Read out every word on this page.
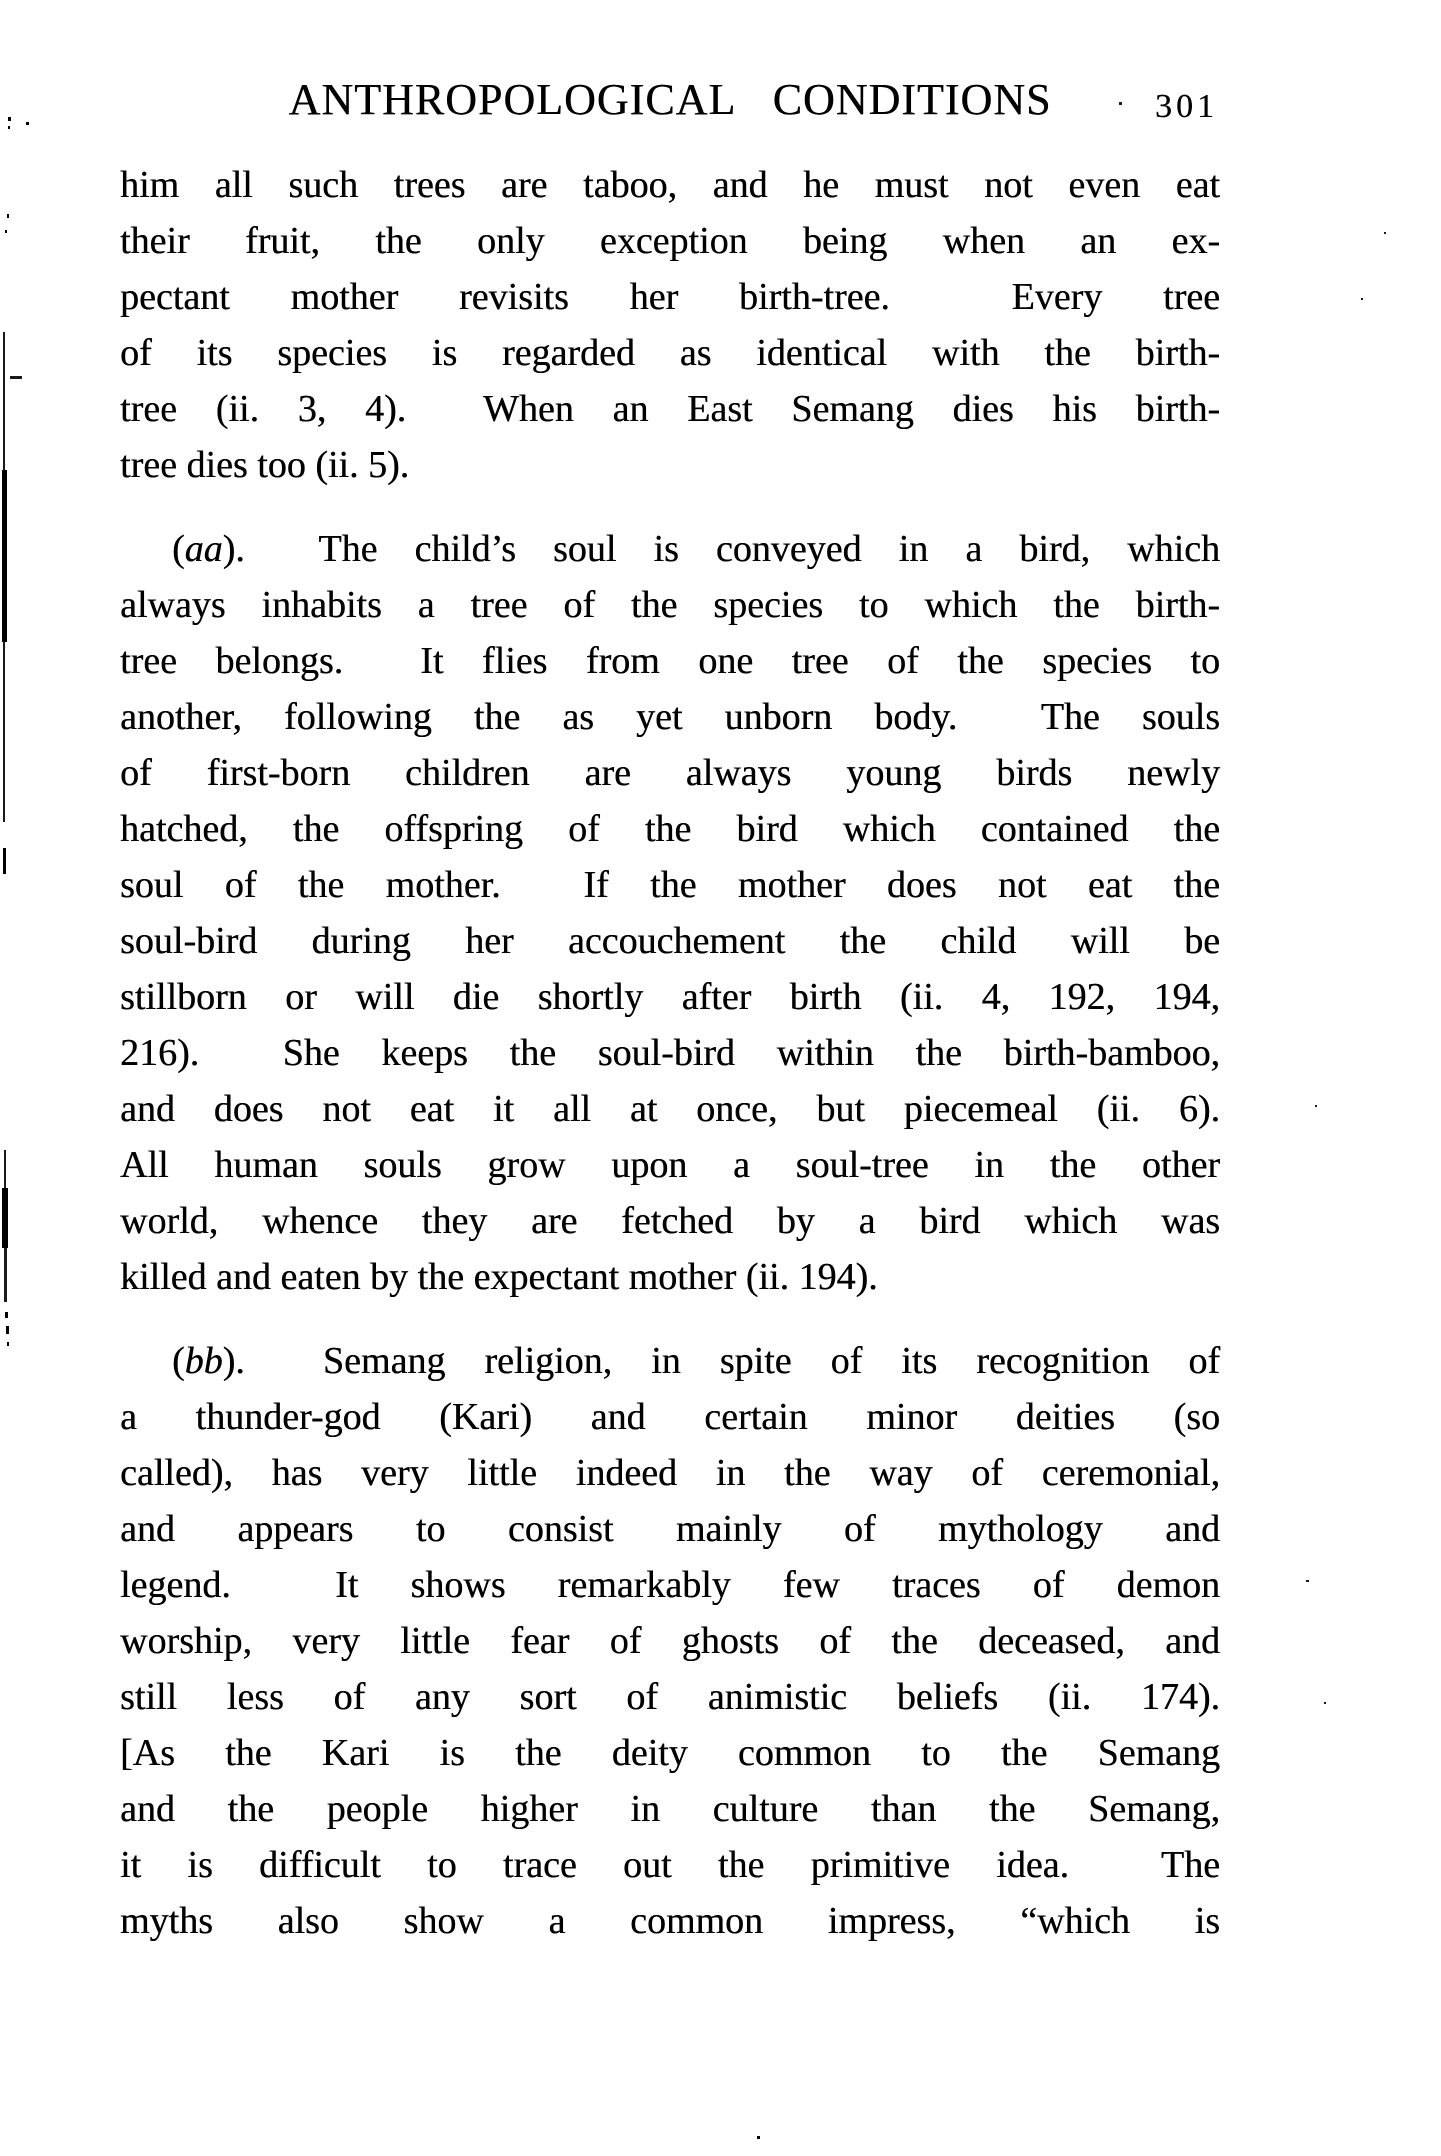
ANTHROPOLOGICAL CONDITIONS	301
him all such trees are taboo, and he must not even eat
their fruit, the only exception being when an ex-
pectant mother revisits her birth-tree.  Every tree
of its species is regarded as identical with the birth-
tree (ii. 3, 4).  When an East Semang dies his birth-
tree dies too (ii. 5).
(aa).  The child’s soul is conveyed in a bird, which
always inhabits a tree of the species to which the birth-
tree belongs.  It flies from one tree of the species to
another, following the as yet unborn body.  The souls
of first-born children are always young birds newly
hatched, the offspring of the bird which contained the
soul of the mother.  If the mother does not eat the
soul-bird during her accouchement the child will be
stillborn or will die shortly after birth (ii. 4, 192, 194,
216).  She keeps the soul-bird within the birth-bamboo,
and does not eat it all at once, but piecemeal (ii. 6).
All human souls grow upon a soul-tree in the other
world, whence they are fetched by a bird which was
killed and eaten by the expectant mother (ii. 194).
(bb).  Semang religion, in spite of its recognition of
a thunder-god (Kari) and certain minor deities (so
called), has very little indeed in the way of ceremonial,
and appears to consist mainly of mythology and
legend.  It shows remarkably few traces of demon
worship, very little fear of ghosts of the deceased, and
still less of any sort of animistic beliefs (ii. 174).
[As the Kari is the deity common to the Semang
and the people higher in culture than the Semang,
it is difficult to trace out the primitive idea.  The
myths also show a common impress, “which is
